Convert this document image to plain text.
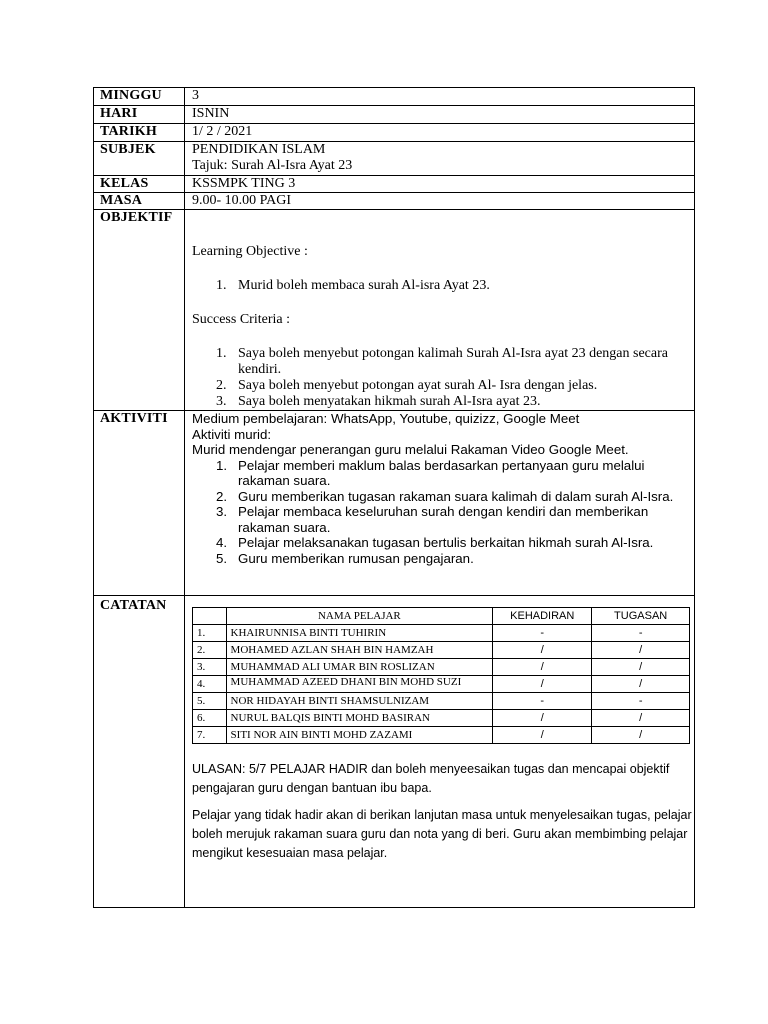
MINGGU	3
HARI	ISNIN
TARIKH	1/ 2 / 2021
SUBJEK	PENDIDIKAN ISLAM
Tajuk: Surah Al-Isra Ayat 23
KELAS	KSSMPK TING 3
MASA	9.00- 10.00 PAGI
OBJEKTIF
Learning Objective :
1. Murid boleh membaca surah Al-isra Ayat 23.
Success Criteria :
1. Saya boleh menyebut potongan kalimah Surah Al-Isra ayat 23 dengan secara kendiri.
2. Saya boleh menyebut potongan ayat surah Al- Isra dengan jelas.
3. Saya boleh menyatakan hikmah surah Al-Isra ayat 23.
AKTIVITI	Medium pembelajaran: WhatsApp, Youtube, quizizz, Google Meet
Aktiviti murid:
Murid mendengar penerangan guru melalui Rakaman Video Google Meet.
1. Pelajar memberi maklum balas berdasarkan pertanyaan guru melalui rakaman suara.
2. Guru memberikan tugasan rakaman suara kalimah di dalam surah Al-Isra.
3. Pelajar membaca keseluruhan surah dengan kendiri dan memberikan rakaman suara.
4. Pelajar melaksanakan tugasan bertulis berkaitan hikmah surah Al-Isra.
5. Guru memberikan rumusan pengajaran.
CATATAN
	NAMA PELAJAR	KEHADIRAN	TUGASAN
1.	KHAIRUNNISA BINTI TUHIRIN	-	-
2.	MOHAMED AZLAN SHAH BIN HAMZAH	/	/
3.	MUHAMMAD ALI UMAR BIN ROSLIZAN	/	/
4.	MUHAMMAD AZEED DHANI BIN MOHD SUZI	/	/
5.	NOR HIDAYAH BINTI SHAMSULNIZAM	-	-
6.	NURUL BALQIS BINTI MOHD BASIRAN	/	/
7.	SITI NOR AIN BINTI MOHD ZAZAMI	/	/
ULASAN: 5/7 PELAJAR HADIR dan boleh menyeesaikan tugas dan mencapai objektif pengajaran guru dengan bantuan ibu bapa.
Pelajar yang tidak hadir akan di berikan lanjutan masa untuk menyelesaikan tugas, pelajar boleh merujuk rakaman suara guru dan nota yang di beri. Guru akan membimbing pelajar mengikut kesesuaian masa pelajar.
